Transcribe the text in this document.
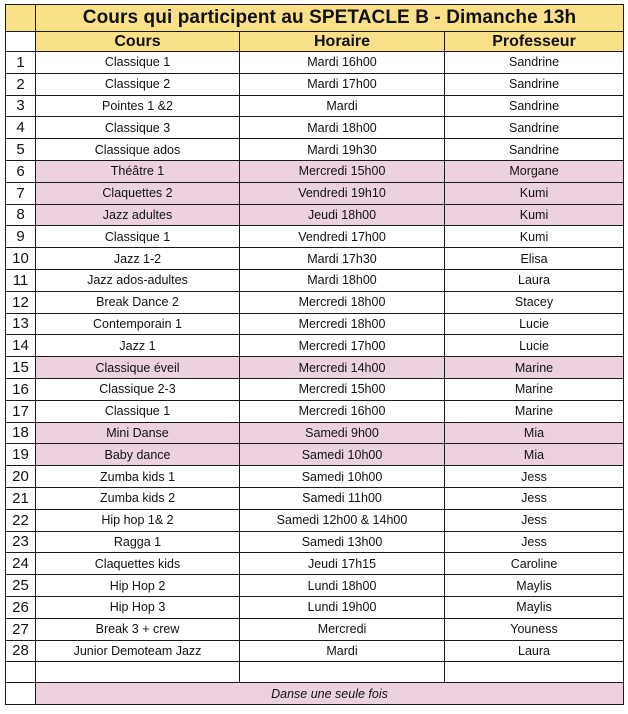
	Cours qui participent au SPETACLE B - Dimanche 13h		
	Cours	Horaire	Professeur
1	Classique 1	Mardi 16h00	Sandrine
2	Classique 2	Mardi 17h00	Sandrine
3	Pointes 1 &2	Mardi	Sandrine
4	Classique 3	Mardi 18h00	Sandrine
5	Classique ados	Mardi 19h30	Sandrine
6	Théâtre 1	Mercredi 15h00	Morgane
7	Claquettes 2	Vendredi 19h10	Kumi
8	Jazz adultes	Jeudi 18h00	Kumi
9	Classique 1	Vendredi 17h00	Kumi
10	Jazz 1-2	Mardi 17h30	Elisa
11	Jazz ados-adultes	Mardi 18h00	Laura
12	Break Dance 2	Mercredi 18h00	Stacey
13	Contemporain 1	Mercredi 18h00	Lucie
14	Jazz 1	Mercredi 17h00	Lucie
15	Classique éveil	Mercredi 14h00	Marine
16	Classique 2-3	Mercredi 15h00	Marine
17	Classique 1	Mercredi 16h00	Marine
18	Mini Danse	Samedi 9h00	Mia
19	Baby dance	Samedi 10h00	Mia
20	Zumba kids 1	Samedi 10h00	Jess
21	Zumba kids 2	Samedi 11h00	Jess
22	Hip hop 1& 2	Samedi 12h00 & 14h00	Jess
23	Ragga 1	Samedi 13h00	Jess
24	Claquettes kids	Jeudi 17h15	Caroline
25	Hip Hop 2	Lundi 18h00	Maylis
26	Hip Hop 3	Lundi 19h00	Maylis
27	Break 3 + crew	Mercredi	Youness
28	Junior Demoteam Jazz	Mardi	Laura

	Danse une seule fois		
